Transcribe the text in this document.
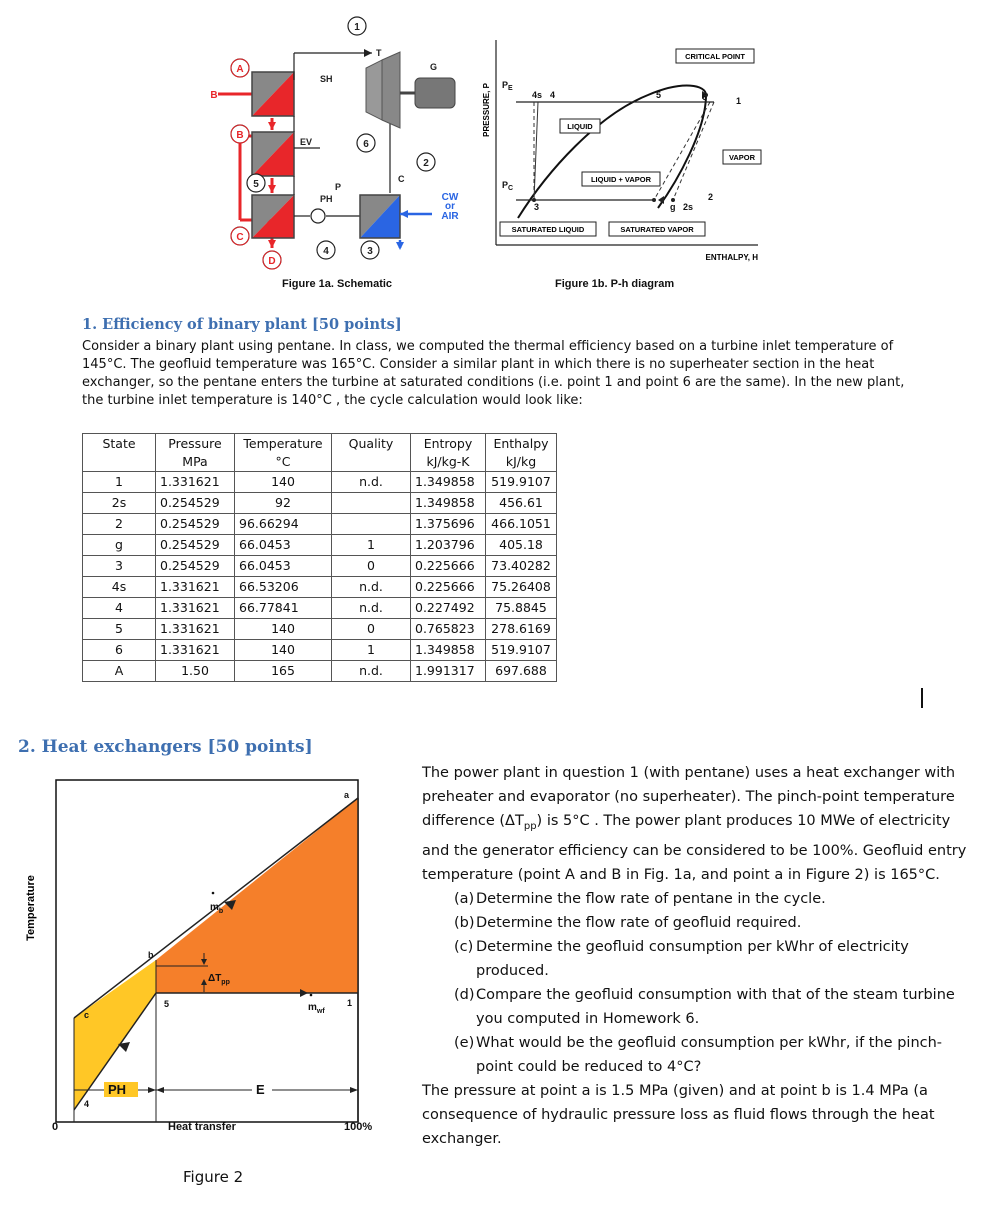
A
B
C
D
1
2
6
5
4	3
B
SH
EV
PH
T
G
P
C
CW
or
AIR
Figure 1a. Schematic
PRESSURE, P
ENTHALPY, H
$P_E$
$P_C$
4s 4	5	6	1
3
2
2s
g
CRITICAL POINT
LIQUID
VAPOR
LIQUID + VAPOR
SATURATED LIQUID	SATURATED VAPOR
Figure 1b. P-h diagram
1. Efficiency of binary plant [50 points]
Consider a binary plant using pentane. In class, we computed the thermal efficiency based on a turbine inlet temperature of 145°C. The geofluid temperature was 165°C. Consider a similar plant in which there is no superheater section in the heat exchanger, so the pentane enters the turbine at saturated conditions (i.e. point 1 and point 6 are the same). In the new plant, the turbine inlet temperature is 140°C , the cycle calculation would look like:
State	Pressure	Temperature	Quality	Entropy	Enthalpy
	MPa	°C		kJ/kg-K	kJ/kg
1	1.331621	140	n.d.	1.349858	519.9107
2s	0.254529	92		1.349858	456.61
2	0.254529	96.66294		1.375696	466.1051
g	0.254529	66.0453	1	1.203796	405.18
3	0.254529	66.0453	0	0.225666	73.40282
4s	1.331621	66.53206	n.d.	0.225666	75.26408
4	1.331621	66.77841	n.d.	0.227492	75.8845
5	1.331621	140	0	0.765823	278.6169
6	1.331621	140	1	1.349858	519.9107
A	1.50	165	n.d.	1.991317	697.688
2. Heat exchangers [50 points]
Temperature
a
b
c
1
4
5
$m_b$
$m_{wf}$
$\Delta T_{pp}$
PH	E
Heat transfer
0	100%
Figure 2
The power plant in question 1 (with pentane) uses a heat exchanger with preheater and evaporator (no superheater). The pinch-point temperature difference $(\Delta T_{pp})$ is 5°C . The power plant produces 10 MWe of electricity and the generator efficiency can be considered to be 100%. Geofluid entry temperature (point A and B in Fig. 1a, and point a in Figure 2) is 165°C.
(a) Determine the flow rate of pentane in the cycle.
(b) Determine the flow rate of geofluid required.
(c) Determine the geofluid consumption per kWhr of electricity produced.
(d) Compare the geofluid consumption with that of the steam turbine you computed in Homework 6.
(e) What would be the geofluid consumption per kWhr, if the pinch-point could be reduced to 4°C?
The pressure at point a is 1.5 MPa (given) and at point b is 1.4 MPa (a consequence of hydraulic pressure loss as fluid flows through the heat exchanger.
